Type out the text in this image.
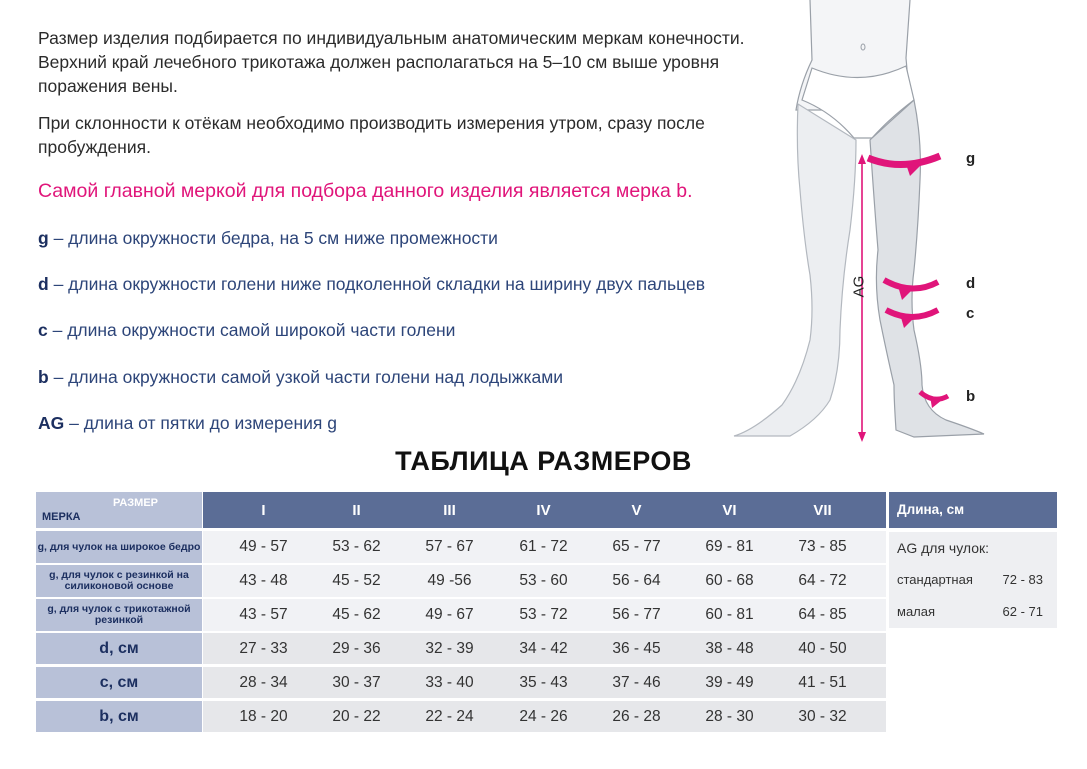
Размер изделия подбирается по индивидуальным анатомическим меркам конечности. Верхний край лечебного трикотажа должен располагаться на 5–10 см выше уровня поражения вены.

При склонности к отёкам необходимо производить измерения утром, сразу после пробуждения.

Самой главной меркой для подбора данного изделия является мерка b.

g – длина окружности бедра, на 5 см ниже промежности
d – длина окружности голени ниже подколенной складки на ширину двух пальцев
c – длина окружности самой широкой части голени
b – длина окружности самой узкой части голени над лодыжками
AG – длина от пятки до измерения g
g
d
c
b
AG
ТАБЛИЦА РАЗМЕРОВ
РАЗМЕР
МЕРКА	I	II	III	IV	V	VI	VII
g, для чулок на широкое бедро	49 - 57	53 - 62	57 - 67	61 - 72	65 - 77	69 - 81	73 - 85
g, для чулок с резинкой на силиконовой основе	43 - 48	45 - 52	49 -56	53 - 60	56 - 64	60 - 68	64 - 72
g, для чулок с трикотажной резинкой	43 - 57	45 - 62	49 - 67	53 - 72	56 - 77	60 - 81	64 - 85
d, см	27 - 33	29 - 36	32 - 39	34 - 42	36 - 45	38 - 48	40 - 50
c, см	28 - 34	30 - 37	33 - 40	35 - 43	37 - 46	39 - 49	41 - 51
b, см	18 - 20	20 - 22	22 - 24	24 - 26	26 - 28	28 - 30	30 - 32
Длина, см
AG для чулок:
стандартная 72 - 83
малая	62 - 71
